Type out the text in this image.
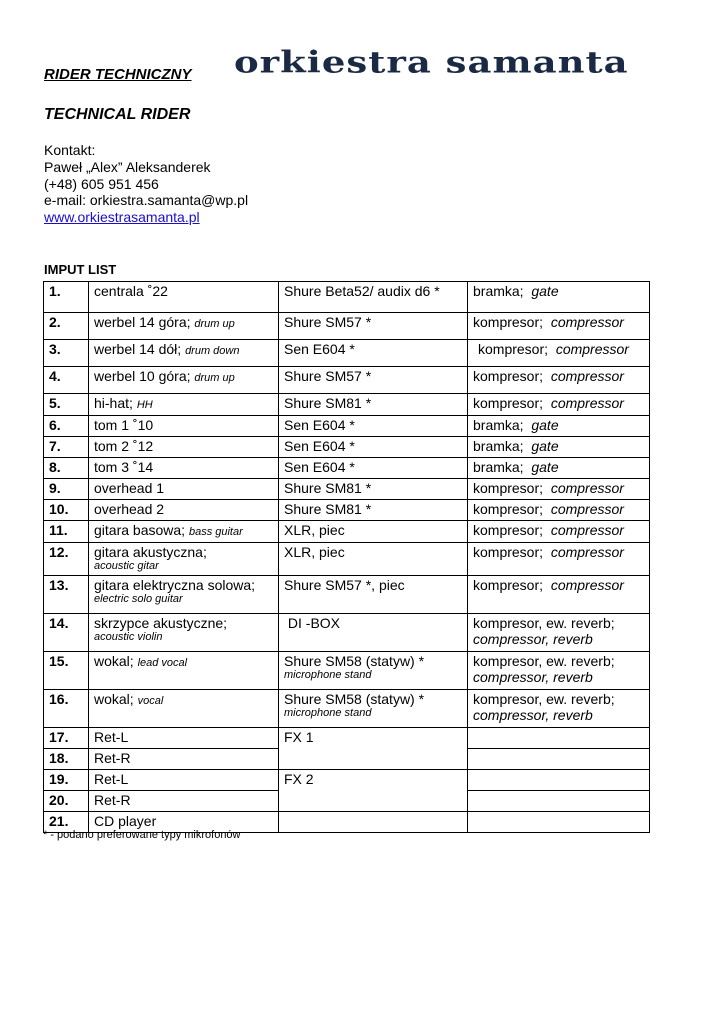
RIDER TECHNICZNY orkiestra samanta
TECHNICAL RIDER
Kontakt:
Paweł „Alex” Aleksanderek
(+48) 605 951 456
e-mail: orkiestra.samanta@wp.pl
www.orkiestrasamanta.pl
IMPUT LIST
1.	centrala ˚22	Shure Beta52/ audix d6 *	bramka; gate
2.	werbel 14 góra; drum up	Shure SM57 *	kompresor; compressor
3.	werbel 14 dół; drum down	Sen E604 *	kompresor; compressor
4.	werbel 10 góra; drum up	Shure SM57 *	kompresor; compressor
5.	hi-hat; HH	Shure SM81 *	kompresor; compressor
6.	tom 1 ˚10	Sen E604 *	bramka; gate
7.	tom 2 ˚12	Sen E604 *	bramka; gate
8.	tom 3 ˚14	Sen E604 *	bramka; gate
9.	overhead 1	Shure SM81 *	kompresor; compressor
10.	overhead 2	Shure SM81 *	kompresor; compressor
11.	gitara basowa; bass guitar	XLR, piec	kompresor; compressor
12.	gitara akustyczna;
acoustic gitar	XLR, piec	kompresor; compressor
13.	gitara elektryczna solowa;
electric solo guitar	Shure SM57 *, piec	kompresor; compressor
14.	skrzypce akustyczne;
acoustic violin	DI -BOX	kompresor, ew. reverb;
compressor, reverb

15.	wokal; lead vocal	Shure SM58 (statyw) *
microphone stand	kompresor, ew. reverb;
compressor, reverb

16.	wokal; vocal	Shure SM58 (statyw) *
microphone stand	kompresor, ew. reverb;
compressor, reverb

17.	Ret-L	FX 1	
18.	Ret-R		
19.	Ret-L	FX 2	
20.	Ret-R		
21.	CD player		
* - podano preferowane typy mikrofonów
